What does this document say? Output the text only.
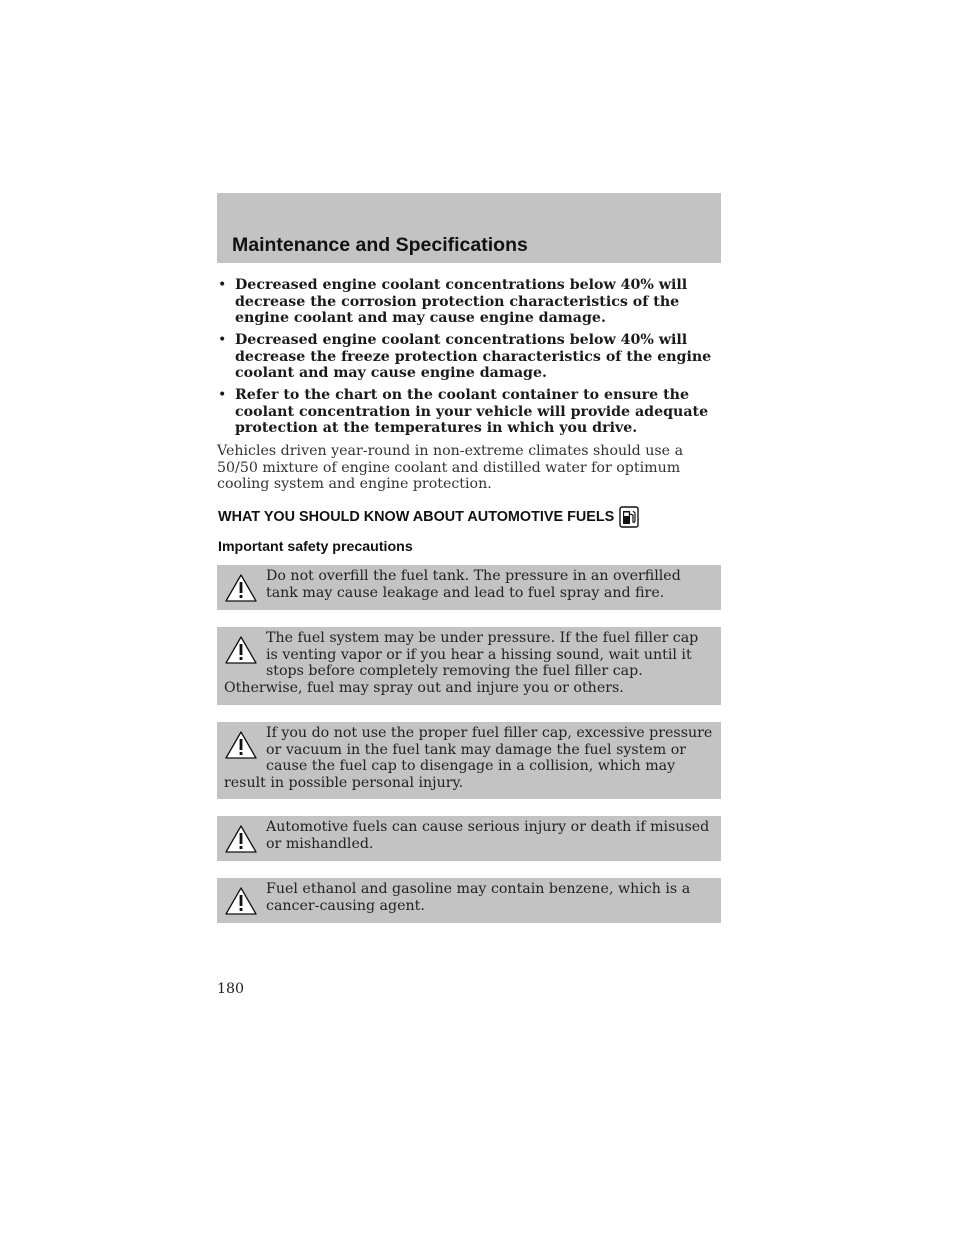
Maintenance and Specifications
• Decreased engine coolant concentrations below 40% will decrease the corrosion protection characteristics of the engine coolant and may cause engine damage.
• Decreased engine coolant concentrations below 40% will decrease the freeze protection characteristics of the engine coolant and may cause engine damage.
• Refer to the chart on the coolant container to ensure the coolant concentration in your vehicle will provide adequate protection at the temperatures in which you drive.

Vehicles driven year-round in non-extreme climates should use a 50/50 mixture of engine coolant and distilled water for optimum cooling system and engine protection.

WHAT YOU SHOULD KNOW ABOUT AUTOMOTIVE FUELS
Important safety precautions
Do not overfill the fuel tank. The pressure in an overfilled tank may cause leakage and lead to fuel spray and fire.
The fuel system may be under pressure. If the fuel filler cap is venting vapor or if you hear a hissing sound, wait until it stops before completely removing the fuel filler cap. Otherwise, fuel may spray out and injure you or others.
If you do not use the proper fuel filler cap, excessive pressure or vacuum in the fuel tank may damage the fuel system or cause the fuel cap to disengage in a collision, which may result in possible personal injury.
Automotive fuels can cause serious injury or death if misused or mishandled.
Fuel ethanol and gasoline may contain benzene, which is a cancer-causing agent.

180
